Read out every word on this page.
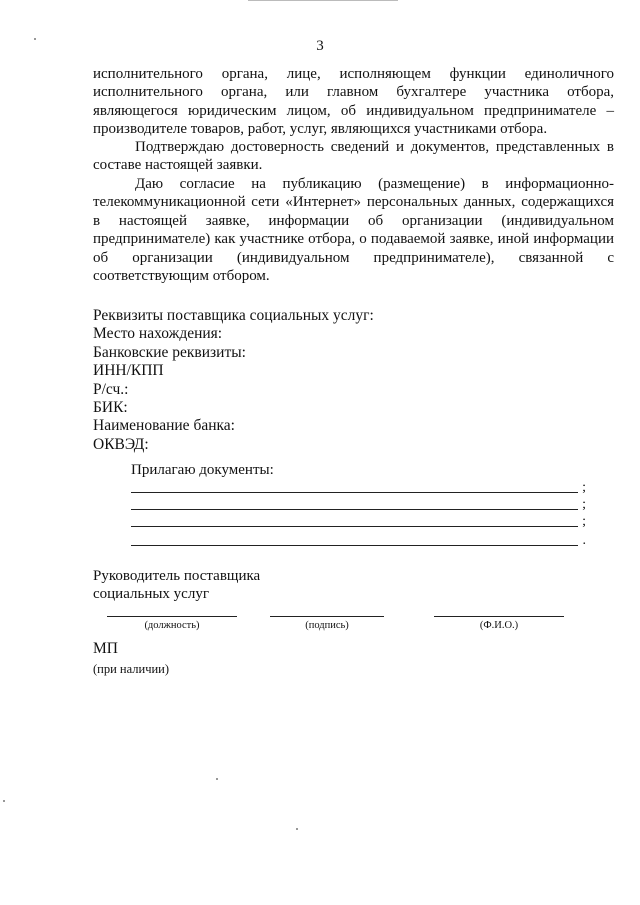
3

исполнительного органа, лице, исполняющем функции единоличного исполнительного органа, или главном бухгалтере участника отбора, являющегося юридическим лицом, об индивидуальном предпринимателе – производителе товаров, работ, услуг, являющихся участниками отбора.

Подтверждаю достоверность сведений и документов, представленных в составе настоящей заявки.

Даю согласие на публикацию (размещение) в информационно-телекоммуникационной сети «Интернет» персональных данных, содержащихся в настоящей заявке, информации об организации (индивидуальном предпринимателе) как участнике отбора, о подаваемой заявке, иной информации об организации (индивидуальном предпринимателе), связанной с соответствующим отбором.

Реквизиты поставщика социальных услуг:
Место нахождения:
Банковские реквизиты:
ИНН/КПП
Р/сч.:
БИК:
Наименование банка:
ОКВЭД:
Прилагаю документы:
;
;
;
.
Руководитель поставщика
социальных услуг
(должность)	(подпись)	(Ф.И.О.)
МП
(при наличии)
